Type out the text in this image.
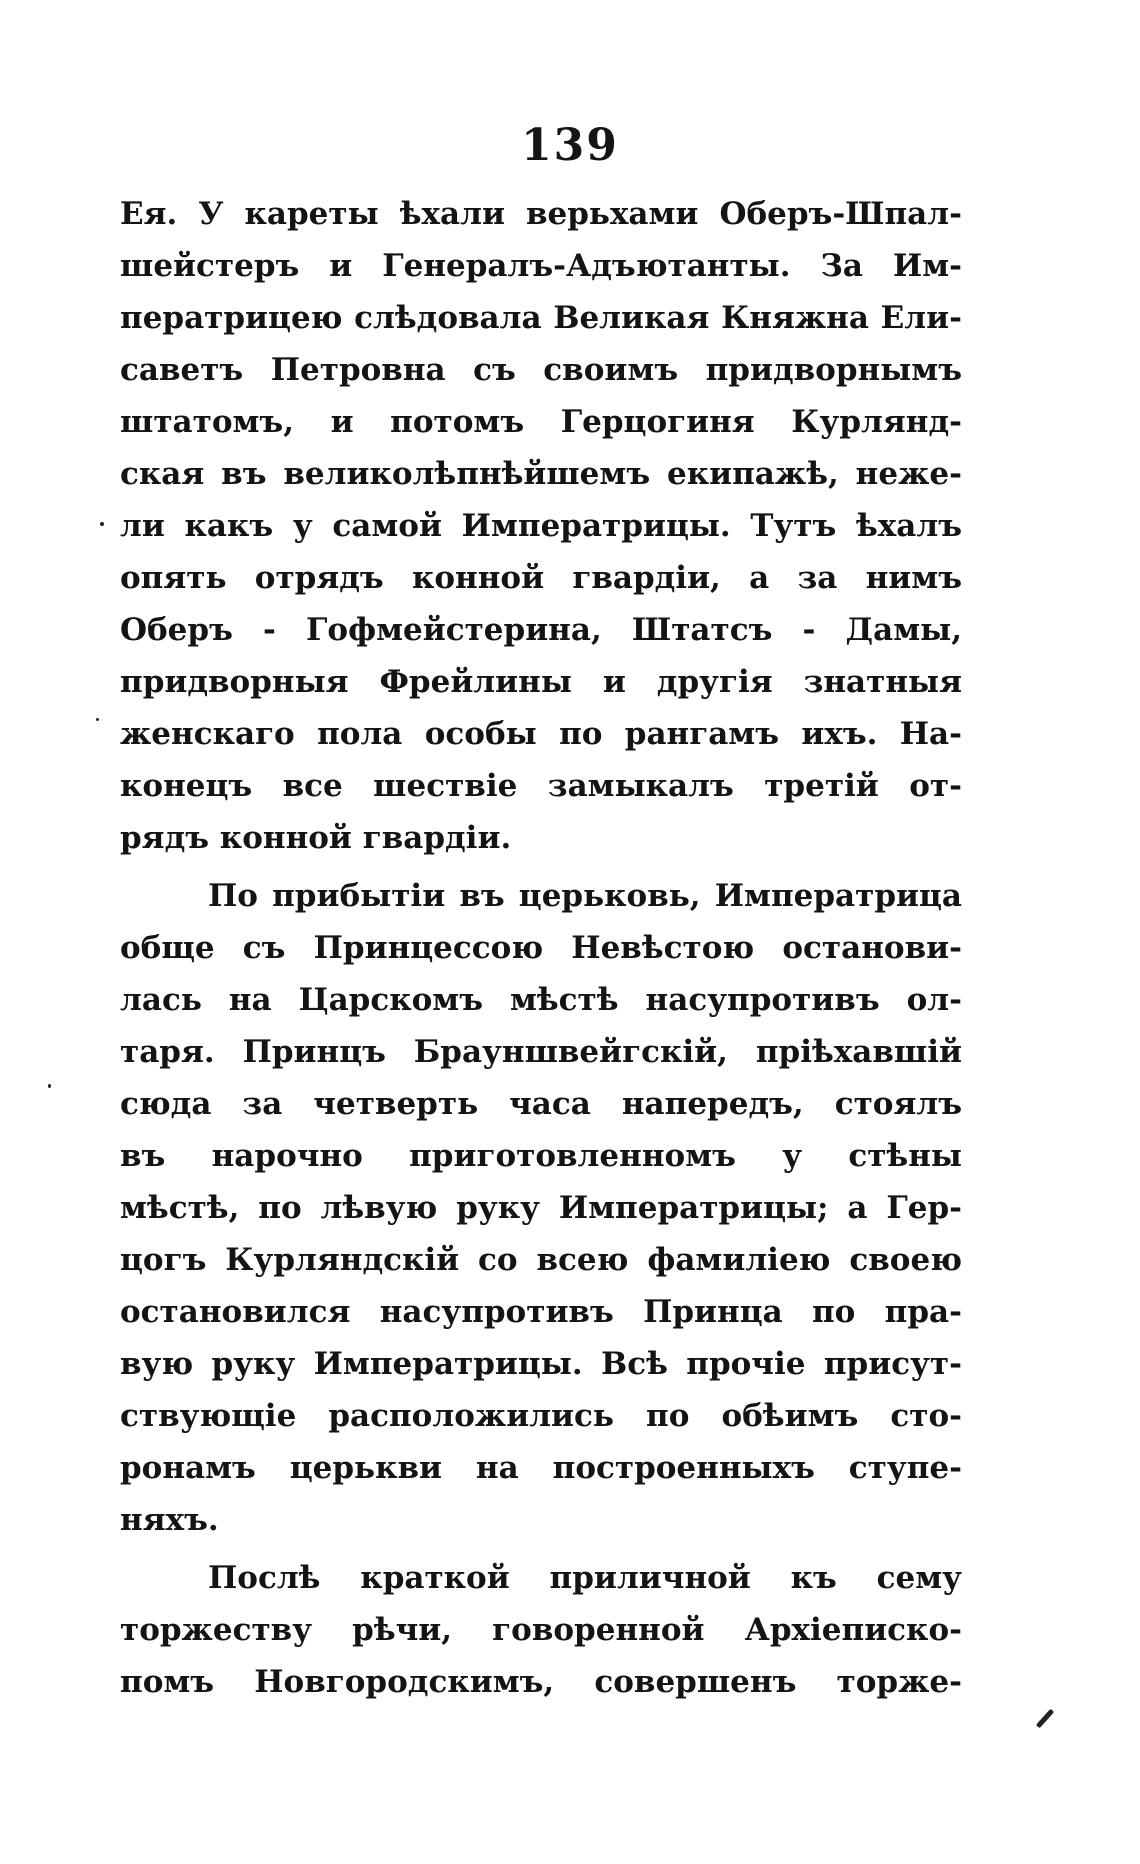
139
Ея. У кареты ѣхали верьхами Оберъ-Шпал-
шейстеръ и Генералъ-Адъютанты. За Им-
ператрицею слѣдовала Великая Княжна Ели-
саветъ Петровна съ своимъ придворнымъ
штатомъ, и потомъ Герцогиня Курлянд-
ская въ великолѣпнѣйшемъ екипажѣ, неже-
ли какъ у самой Императрицы. Тутъ ѣхалъ
опять отрядъ конной гвардіи, а за нимъ
Оберъ - Гофмейстерина, Штатсъ - Дамы,
придворныя Фрейлины и другія знатныя
женскаго пола особы по рангамъ ихъ. На-
конецъ все шествіе замыкалъ третій от-
рядъ конной гвардіи.
По прибытіи въ церьковь, Императрица
обще съ Принцессою Невѣстою останови-
лась на Царскомъ мѣстѣ насупротивъ ол-
таря. Принцъ Брауншвейгскій, пріѣхавшій
сюда за четверть часа напередъ, стоялъ
въ нарочно приготовленномъ у стѣны
мѣстѣ, по лѣвую руку Императрицы; а Гер-
цогъ Курляндскій со всею фамиліею своею
остановился насупротивъ Принца по пра-
вую руку Императрицы. Всѣ прочіе присут-
ствующіе расположились по обѣимъ сто-
ронамъ церькви на построенныхъ ступе-
няхъ.
Послѣ краткой приличной къ сему
торжеству рѣчи, говоренной Архіеписко-
помъ Новгородскимъ, совершенъ торже-
